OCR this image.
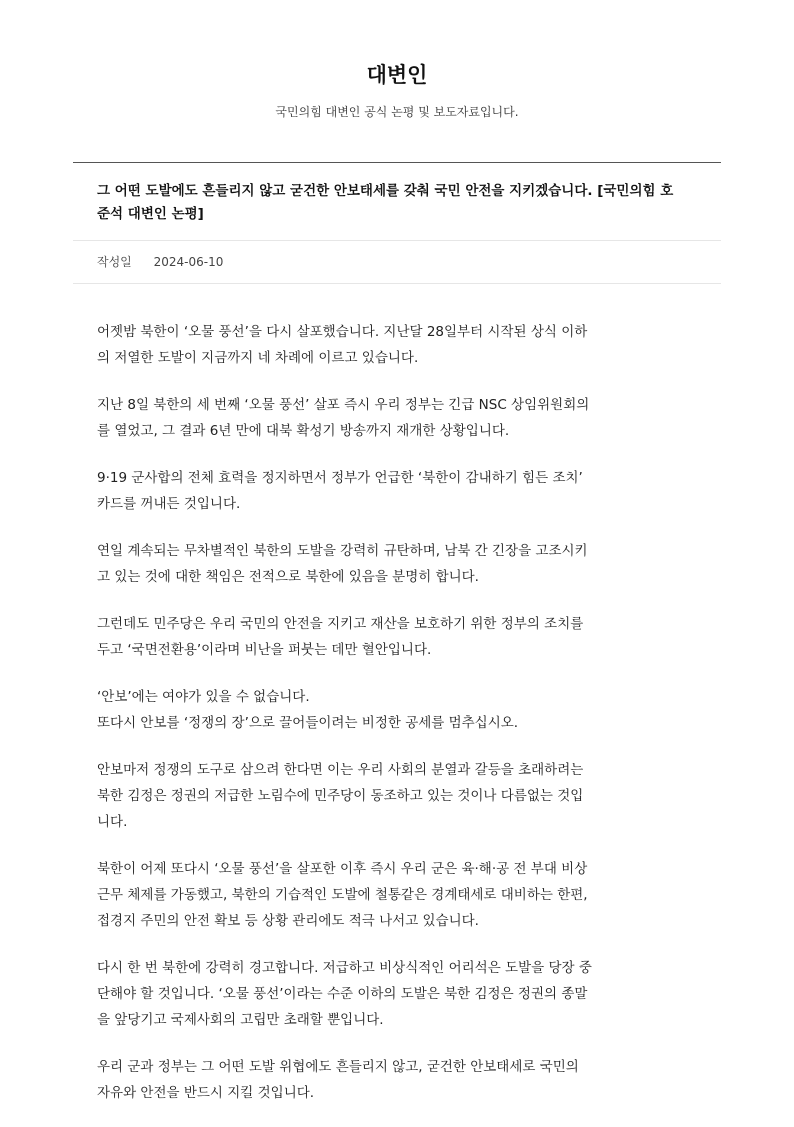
대변인

국민의힘 대변인 공식 논평 및 보도자료입니다.

그 어떤 도발에도 흔들리지 않고 굳건한 안보태세를 갖춰 국민 안전을 지키겠습니다. [국민의힘 호
준석 대변인 논평]
작성일 2024-06-10

어젯밤 북한이 ‘오물 풍선’을 다시 살포했습니다. 지난달 28일부터 시작된 상식 이하
의 저열한 도발이 지금까지 네 차례에 이르고 있습니다.

지난 8일 북한의 세 번째 ‘오물 풍선’ 살포 즉시 우리 정부는 긴급 NSC 상임위원회의
를 열었고, 그 결과 6년 만에 대북 확성기 방송까지 재개한 상황입니다.

9·19 군사합의 전체 효력을 정지하면서 정부가 언급한 ‘북한이 감내하기 힘든 조치’
카드를 꺼내든 것입니다.

연일 계속되는 무차별적인 북한의 도발을 강력히 규탄하며, 남북 간 긴장을 고조시키
고 있는 것에 대한 책임은 전적으로 북한에 있음을 분명히 합니다.

그런데도 민주당은 우리 국민의 안전을 지키고 재산을 보호하기 위한 정부의 조치를
두고 ‘국면전환용’이라며 비난을 퍼붓는 데만 혈안입니다.

‘안보’에는 여야가 있을 수 없습니다.
또다시 안보를 ‘정쟁의 장’으로 끌어들이려는 비정한 공세를 멈추십시오.

안보마저 정쟁의 도구로 삼으려 한다면 이는 우리 사회의 분열과 갈등을 초래하려는
북한 김정은 정권의 저급한 노림수에 민주당이 동조하고 있는 것이나 다름없는 것입
니다.

북한이 어제 또다시 ‘오물 풍선’을 살포한 이후 즉시 우리 군은 육·해·공 전 부대 비상
근무 체제를 가동했고, 북한의 기습적인 도발에 철통같은 경계태세로 대비하는 한편,
접경지 주민의 안전 확보 등 상황 관리에도 적극 나서고 있습니다.

다시 한 번 북한에 강력히 경고합니다. 저급하고 비상식적인 어리석은 도발을 당장 중
단해야 할 것입니다. ‘오물 풍선’이라는 수준 이하의 도발은 북한 김정은 정권의 종말
을 앞당기고 국제사회의 고립만 초래할 뿐입니다.

우리 군과 정부는 그 어떤 도발 위협에도 흔들리지 않고, 굳건한 안보태세로 국민의
자유와 안전을 반드시 지킬 것입니다.
